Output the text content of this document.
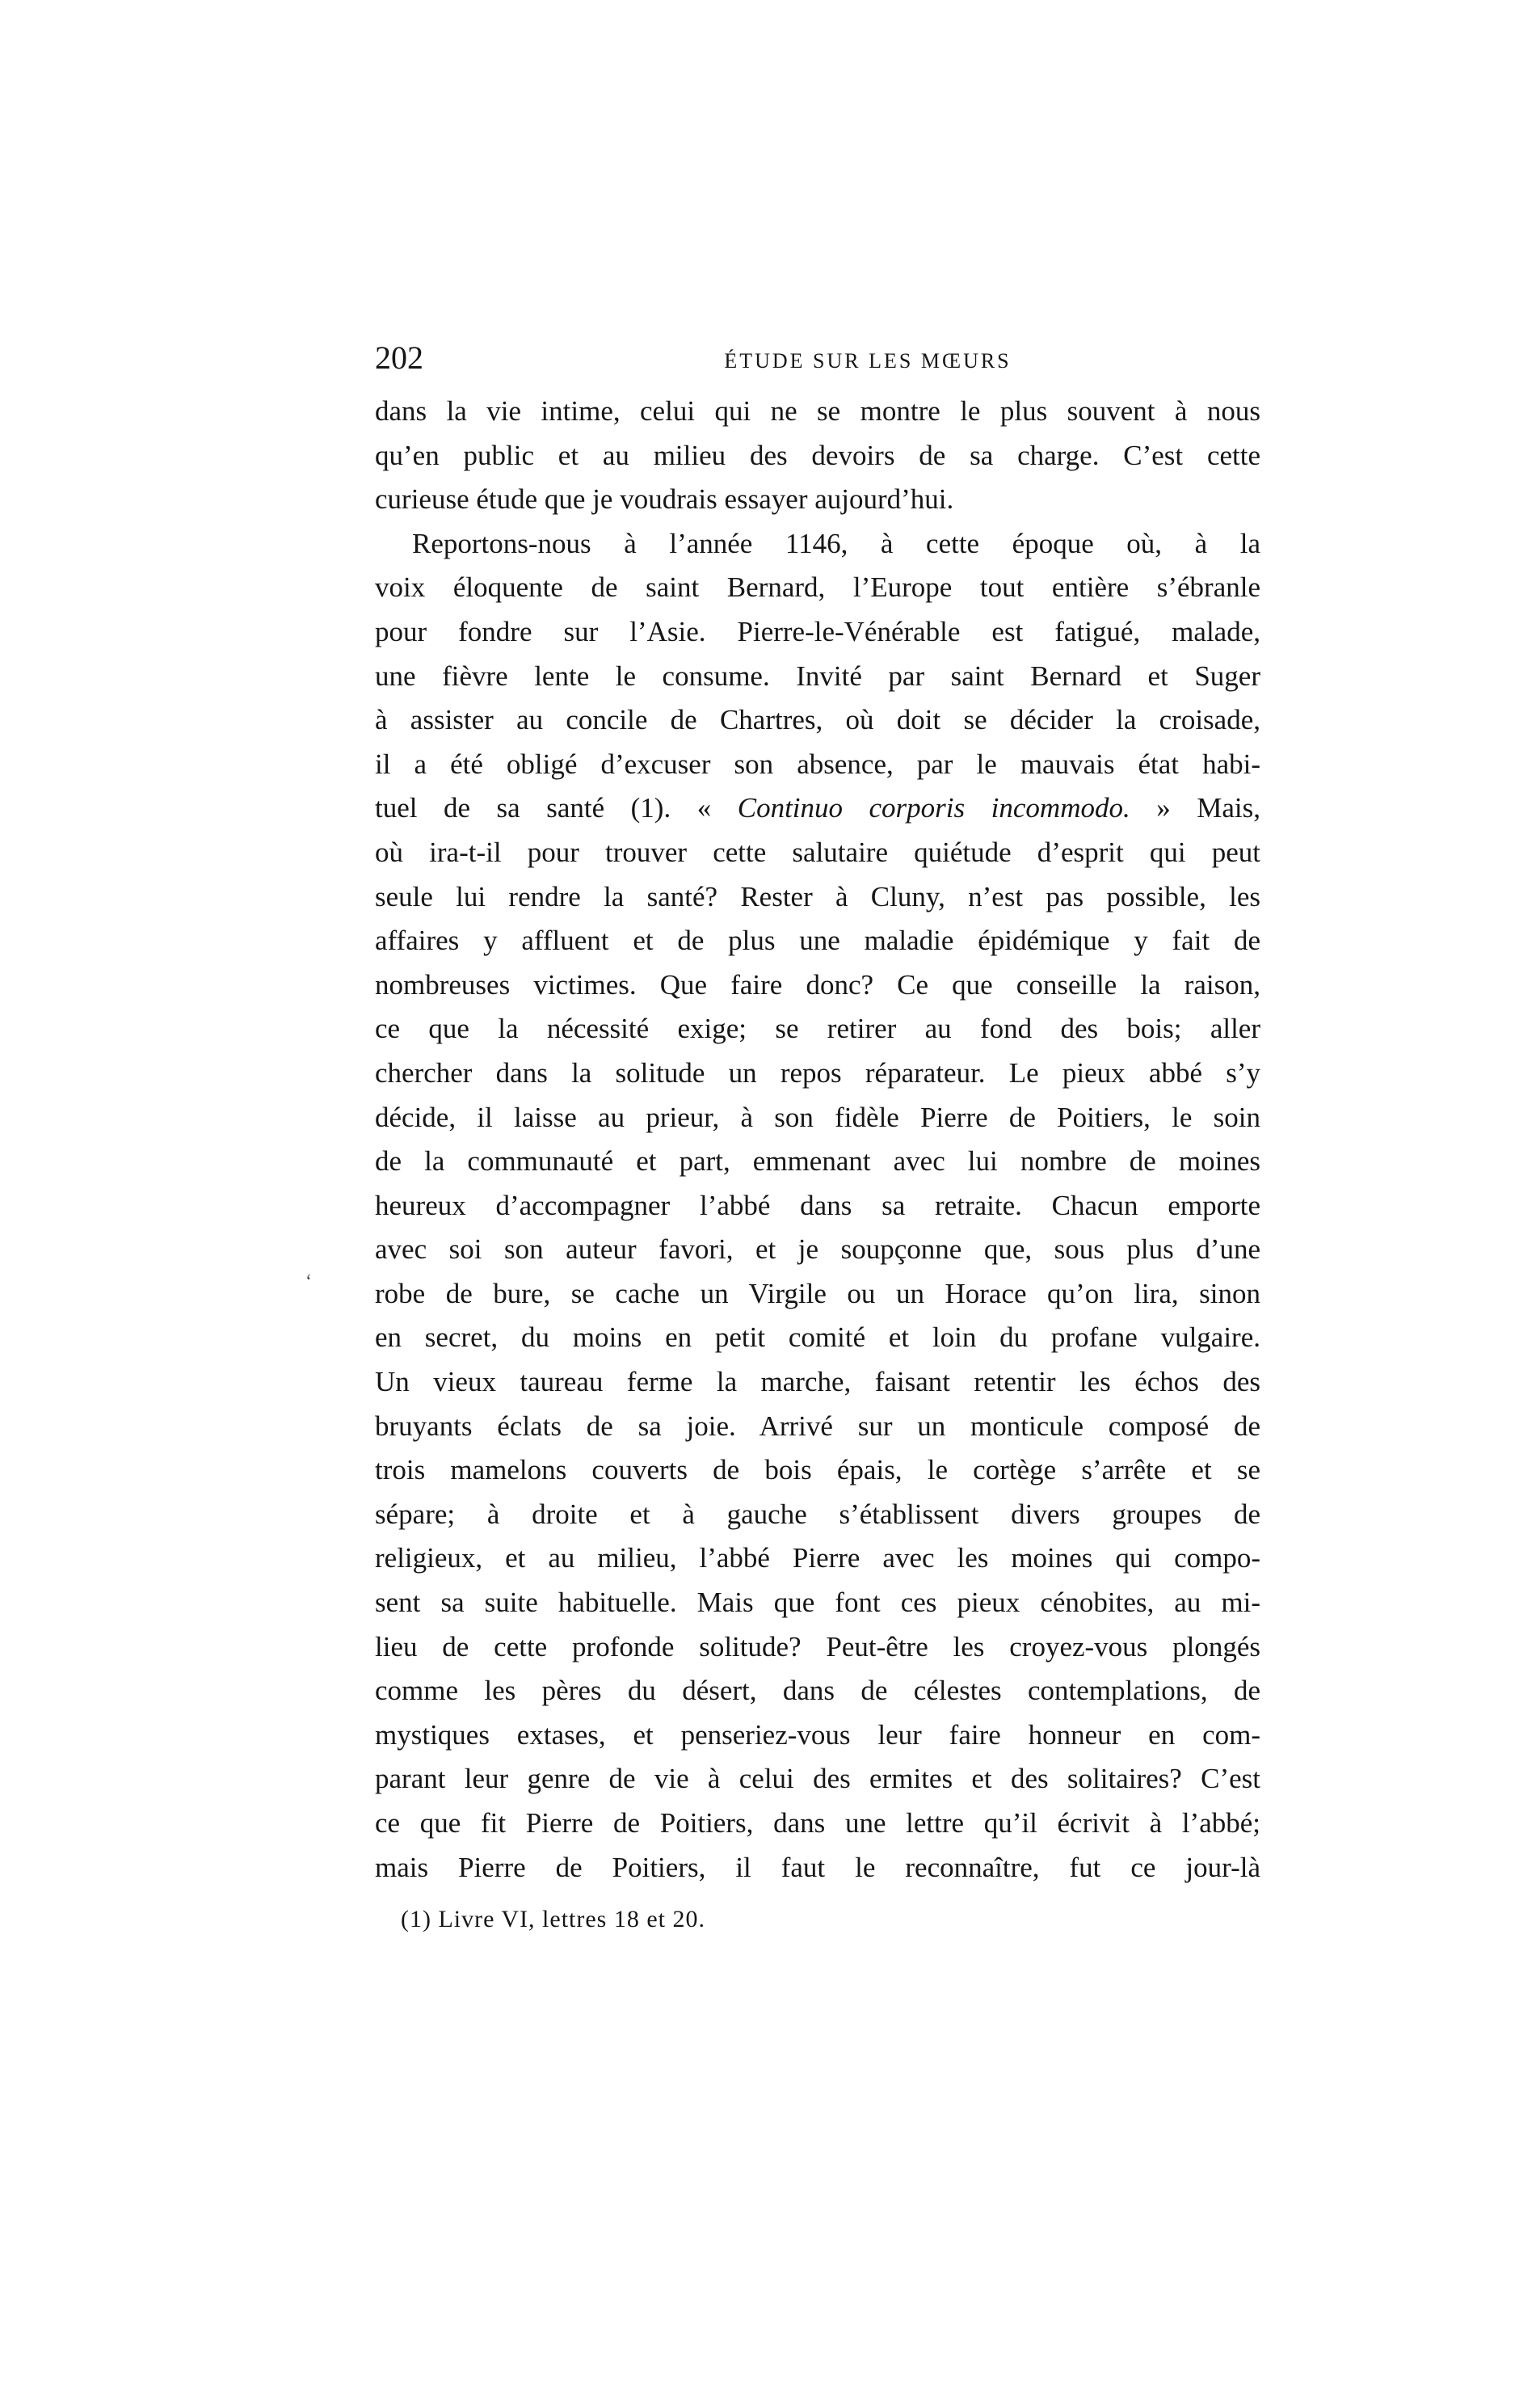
202	ÉTUDE SUR LES MŒURS
dans la vie intime, celui qui ne se montre le plus souvent à nous
qu’en public et au milieu des devoirs de sa charge. C’est cette
curieuse étude que je voudrais essayer aujourd’hui.
Reportons-nous à l’année 1146, à cette époque où, à la
voix éloquente de saint Bernard, l’Europe tout entière s’ébranle
pour fondre sur l’Asie. Pierre-le-Vénérable est fatigué, malade,
une fièvre lente le consume. Invité par saint Bernard et Suger
à assister au concile de Chartres, où doit se décider la croisade,
il a été obligé d’excuser son absence, par le mauvais état habi-
tuel de sa santé (1). « Continuo corporis incommodo. » Mais,
où ira-t-il pour trouver cette salutaire quiétude d’esprit qui peut
seule lui rendre la santé? Rester à Cluny, n’est pas possible, les
affaires y affluent et de plus une maladie épidémique y fait de
nombreuses victimes. Que faire donc? Ce que conseille la raison,
ce que la nécessité exige; se retirer au fond des bois; aller
chercher dans la solitude un repos réparateur. Le pieux abbé s’y
décide, il laisse au prieur, à son fidèle Pierre de Poitiers, le soin
de la communauté et part, emmenant avec lui nombre de moines
heureux d’accompagner l’abbé dans sa retraite. Chacun emporte
avec soi son auteur favori, et je soupçonne que, sous plus d’une
robe de bure, se cache un Virgile ou un Horace qu’on lira, sinon
en secret, du moins en petit comité et loin du profane vulgaire.
Un vieux taureau ferme la marche, faisant retentir les échos des
bruyants éclats de sa joie. Arrivé sur un monticule composé de
trois mamelons couverts de bois épais, le cortège s’arrête et se
sépare; à droite et à gauche s’établissent divers groupes de
religieux, et au milieu, l’abbé Pierre avec les moines qui compo-
sent sa suite habituelle. Mais que font ces pieux cénobites, au mi-
lieu de cette profonde solitude? Peut-être les croyez-vous plongés
comme les pères du désert, dans de célestes contemplations, de
mystiques extases, et penseriez-vous leur faire honneur en com-
parant leur genre de vie à celui des ermites et des solitaires? C’est
ce que fit Pierre de Poitiers, dans une lettre qu’il écrivit à l’abbé;
mais Pierre de Poitiers, il faut le reconnaître, fut ce jour-là
‘
(1) Livre VI, lettres 18 et 20.
